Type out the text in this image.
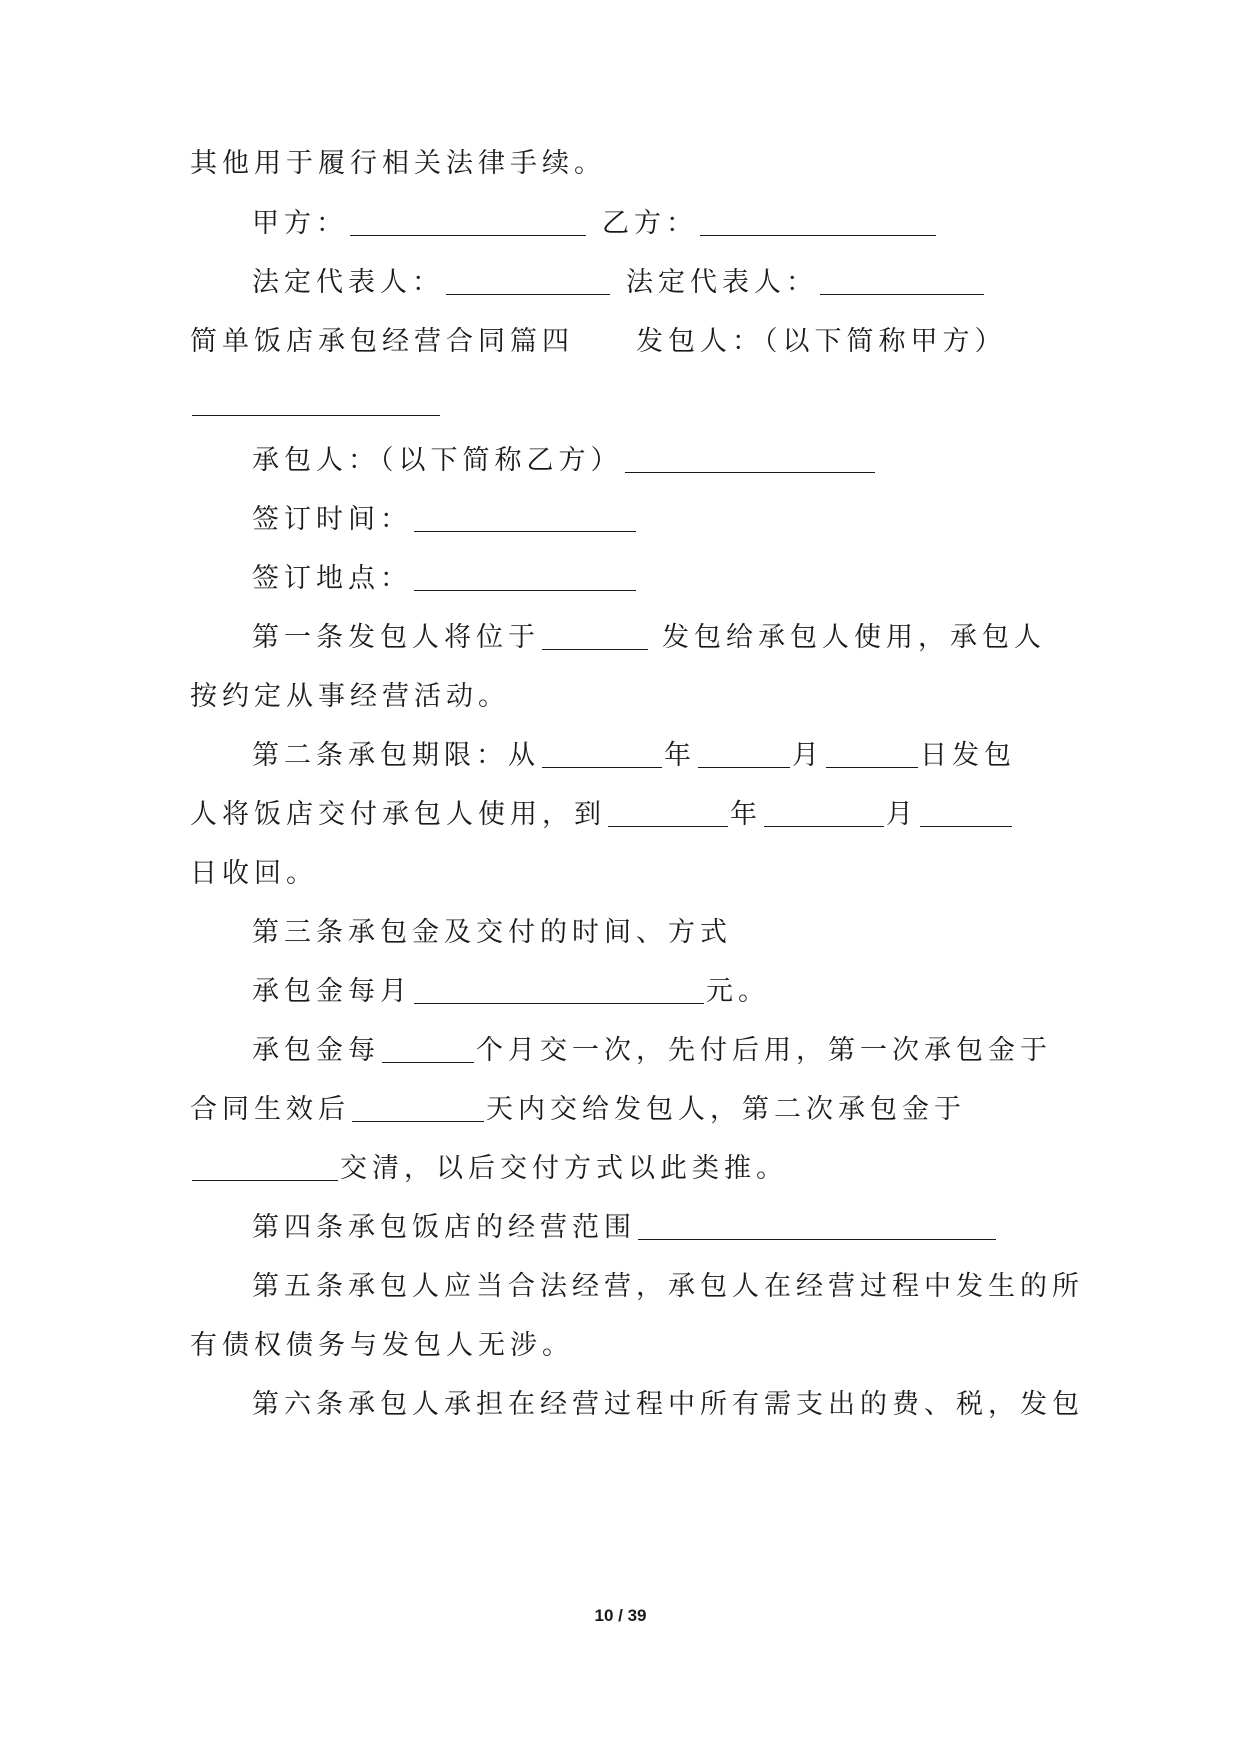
其他用于履行相关法律手续。
甲方：	乙方：
法定代表人：	法定代表人：
简单饭店承包经营合同篇四 发包人：（以下简称甲方）
承包人：（以下简称乙方）
签订时间：
签订地点：
第一条发包人将位于	发包给承包人使用，承包人
按约定从事经营活动。
第二条承包期限：从	年	月	日发包
人将饭店交付承包人使用，到	年	月
日收回。
第三条承包金及交付的时间、方式
承包金每月	元。
承包金每	个月交一次，先付后用，第一次承包金于
合同生效后	天内交给发包人，第二次承包金于
交清，以后交付方式以此类推。
第四条承包饭店的经营范围
第五条承包人应当合法经营，承包人在经营过程中发生的所
有债权债务与发包人无涉。
第六条承包人承担在经营过程中所有需支出的费、税，发包
10 / 39
